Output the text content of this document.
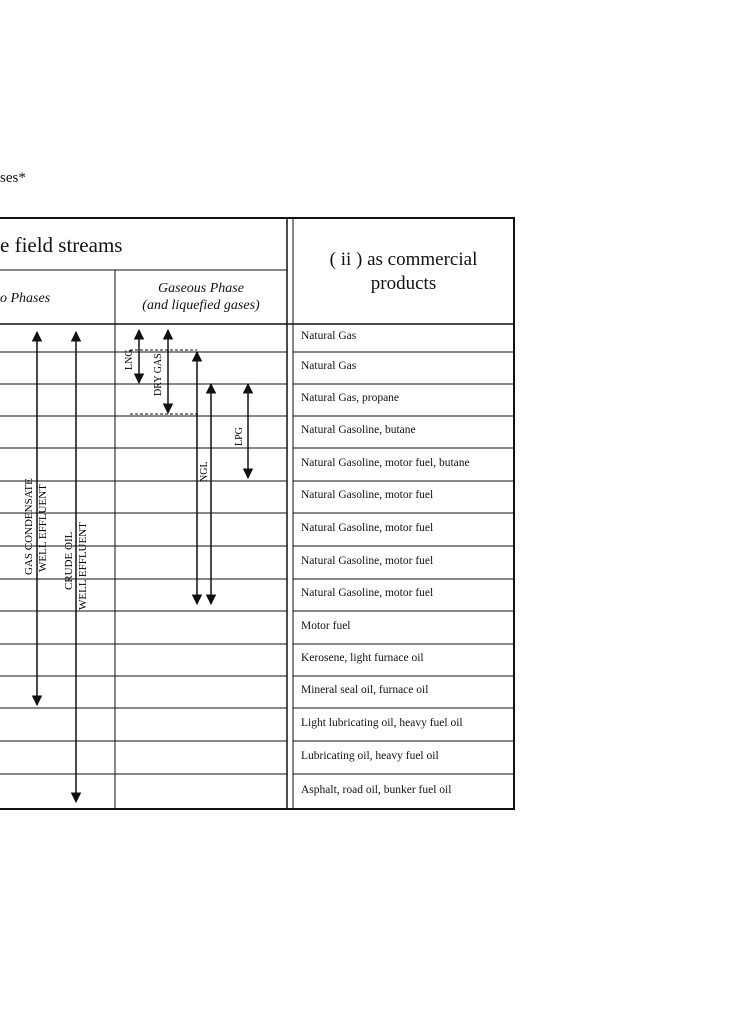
ses*
GAS CONDENSATE WELL EFFLUENT CRUDE OIL WELL EFFLUENT
LNG DRY GAS
LPG
NGL
e field streams
o Phases
Gaseous Phase
(and liquefied gases)
( ii ) as commercial
products
Natural Gas
Natural Gas
Natural Gas, propane
Natural Gasoline, butane
Natural Gasoline, motor fuel, butane
Natural Gasoline, motor fuel
Natural Gasoline, motor fuel
Natural Gasoline, motor fuel
Natural Gasoline, motor fuel
Motor fuel
Kerosene, light furnace oil
Mineral seal oil, furnace oil
Light lubricating oil, heavy fuel oil
Lubricating oil, heavy fuel oil
Asphalt, road oil, bunker fuel oil
